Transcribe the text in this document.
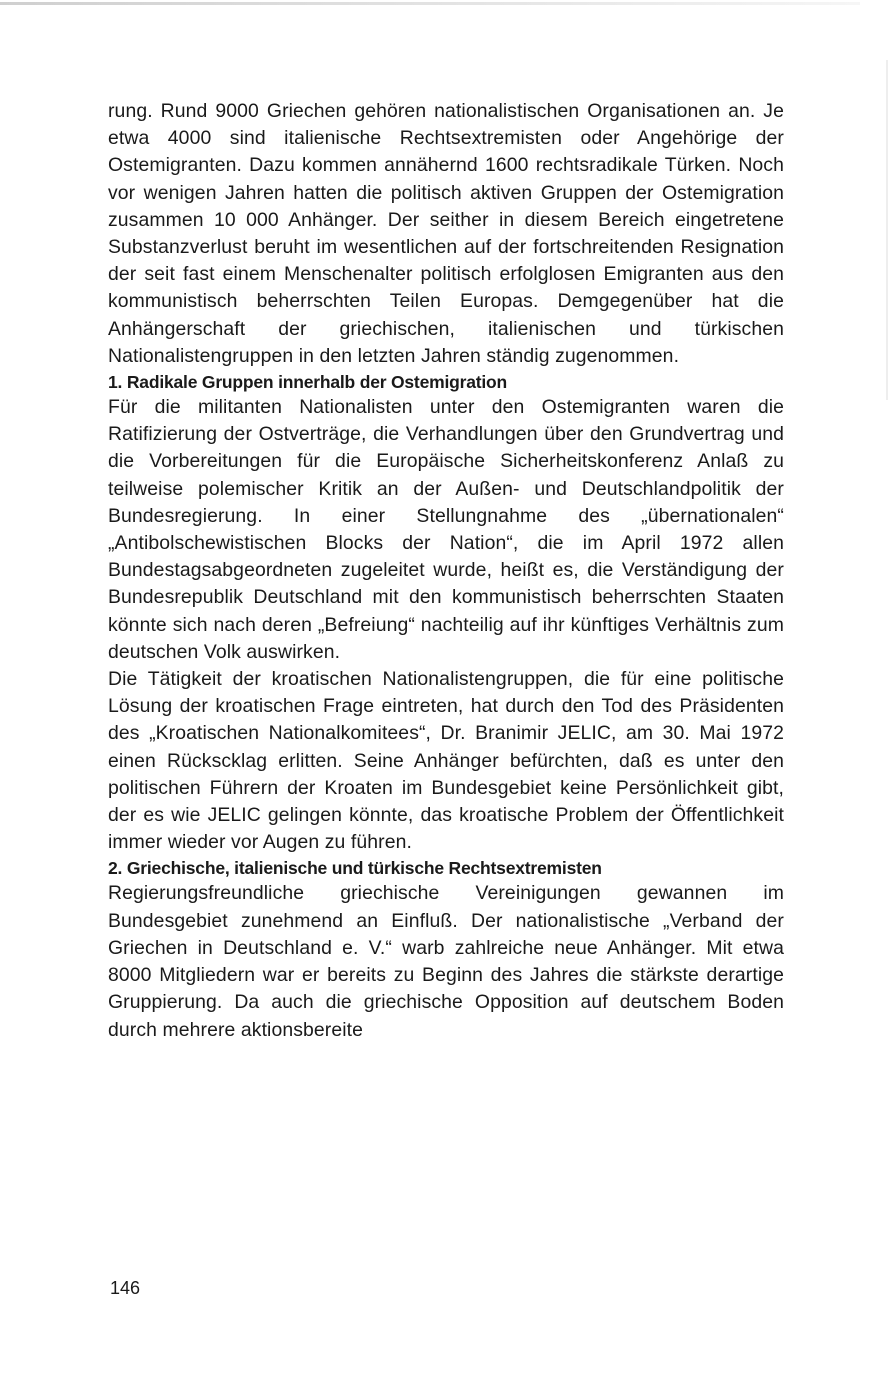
rung. Rund 9000 Griechen gehören nationalistischen Organisationen an. Je etwa 4000 sind italienische Rechtsextremisten oder Angehörige der Ostemigranten. Dazu kommen annähernd 1600 rechtsradikale Türken. Noch vor wenigen Jahren hatten die politisch aktiven Gruppen der Ostemigration zusammen 10 000 Anhänger. Der seither in diesem Bereich eingetretene Substanzverlust beruht im wesentlichen auf der fortschreitenden Resignation der seit fast einem Menschenalter politisch erfolglosen Emigranten aus den kommunistisch beherrschten Teilen Europas. Demgegenüber hat die Anhängerschaft der griechischen, italienischen und türkischen Nationalistengruppen in den letzten Jahren ständig zugenommen.

1. Radikale Gruppen innerhalb der Ostemigration

Für die militanten Nationalisten unter den Ostemigranten waren die Ratifizierung der Ostverträge, die Verhandlungen über den Grundvertrag und die Vorbereitungen für die Europäische Sicherheitskonferenz Anlaß zu teilweise polemischer Kritik an der Außen- und Deutschlandpolitik der Bundesregierung. In einer Stellungnahme des „übernationalen“ „Antibolschewistischen Blocks der Nation“, die im April 1972 allen Bundestagsabgeordneten zugeleitet wurde, heißt es, die Verständigung der Bundesrepublik Deutschland mit den kommunistisch beherrschten Staaten könnte sich nach deren „Befreiung“ nachteilig auf ihr künftiges Verhältnis zum deutschen Volk auswirken.

Die Tätigkeit der kroatischen Nationalistengruppen, die für eine politische Lösung der kroatischen Frage eintreten, hat durch den Tod des Präsidenten des „Kroatischen Nationalkomitees“, Dr. Branimir JELIC, am 30. Mai 1972 einen Rückscklag erlitten. Seine Anhänger befürchten, daß es unter den politischen Führern der Kroaten im Bundesgebiet keine Persönlichkeit gibt, der es wie JELIC gelingen könnte, das kroatische Problem der Öffentlichkeit immer wieder vor Augen zu führen.

2. Griechische, italienische und türkische Rechtsextremisten

Regierungsfreundliche griechische Vereinigungen gewannen im Bundesgebiet zunehmend an Einfluß. Der nationalistische „Verband der Griechen in Deutschland e. V.“ warb zahlreiche neue Anhänger. Mit etwa 8000 Mitgliedern war er bereits zu Beginn des Jahres die stärkste derartige Gruppierung. Da auch die griechische Opposition auf deutschem Boden durch mehrere aktionsbereite

146
